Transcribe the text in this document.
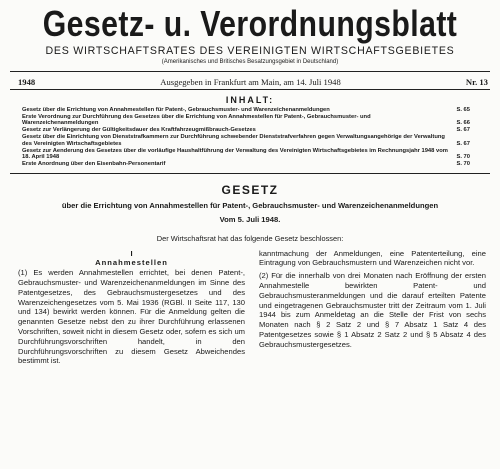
Gesetz- u. Verordnungsblatt
DES WIRTSCHAFTSRATES DES VEREINIGTEN WIRTSCHAFTSGEBIETES
(Amerikanisches und Britisches Besatzungsgebiet in Deutschland)
1948	Ausgegeben in Frankfurt am Main, am 14. Juli 1948	Nr. 13
INHALT:
Gesetz über die Errichtung von Annahmestellen für Patent-, Gebrauchsmuster- und Warenzeichenanmeldungen	S. 65
Erste Verordnung zur Durchführung des Gesetzes über die Errichtung von Annahmestellen für Patent-, Gebrauchsmuster- und Warenzeichenanmeldungen	S. 66
Gesetz zur Verlängerung der Gültigkeitsdauer des Kraftfahrzeugmißbrauch-Gesetzes	S. 67
Gesetz über die Einrichtung von Dienststrafkammern zur Durchführung schwebender Dienststrafverfahren gegen Verwaltungsangehörige der Verwaltung des Vereinigten Wirtschaftsgebietes	S. 67
Gesetz zur Aenderung des Gesetzes über die vorläufige Haushaltführung der Verwaltung des Vereinigten Wirtschaftsgebietes im Rechnungsjahr 1948 vom 18. April 1948	S. 70
Erste Anordnung über den Eisenbahn-Personentarif	S. 70
GESETZ
über die Errichtung von Annahmestellen für Patent-, Gebrauchsmuster- und Warenzeichenanmeldungen
Vom 5. Juli 1948.
Der Wirtschaftsrat hat das folgende Gesetz beschlossen:
I
Annahmestellen

(1) Es werden Annahmestellen errichtet, bei denen Patent-, Gebrauchsmuster- und Warenzeichenanmeldungen im Sinne des Patentgesetzes, des Gebrauchsmustergesetzes und des Warenzeichengesetzes vom 5. Mai 1936 (RGBl. II Seite 117, 130 und 134) bewirkt werden können. Für die Anmeldung gelten die genannten Gesetze nebst den zu ihrer Durchführung erlassenen Vorschriften, soweit nicht in diesem Gesetz oder, sofern es sich um Durchführungsvorschriften handelt, in den Durchführungsvorschriften zu diesem Gesetz Abweichendes bestimmt ist.

kanntmachung der Anmeldungen, eine Patenterteilung, eine Eintragung von Gebrauchsmustern und Warenzeichen nicht vor.

(2) Für die innerhalb von drei Monaten nach Eröffnung der ersten Annahmestelle bewirkten Patent- und Gebrauchsmusteranmeldungen und die darauf erteilten Patente und eingetragenen Gebrauchsmuster tritt der Zeitraum vom 1. Juli 1944 bis zum Anmeldetag an die Stelle der Frist von sechs Monaten nach § 2 Satz 2 und § 7 Absatz 1 Satz 4 des Patentgesetzes sowie § 1 Absatz 2 Satz 2 und § 5 Absatz 4 des Gebrauchsmustergesetzes.
